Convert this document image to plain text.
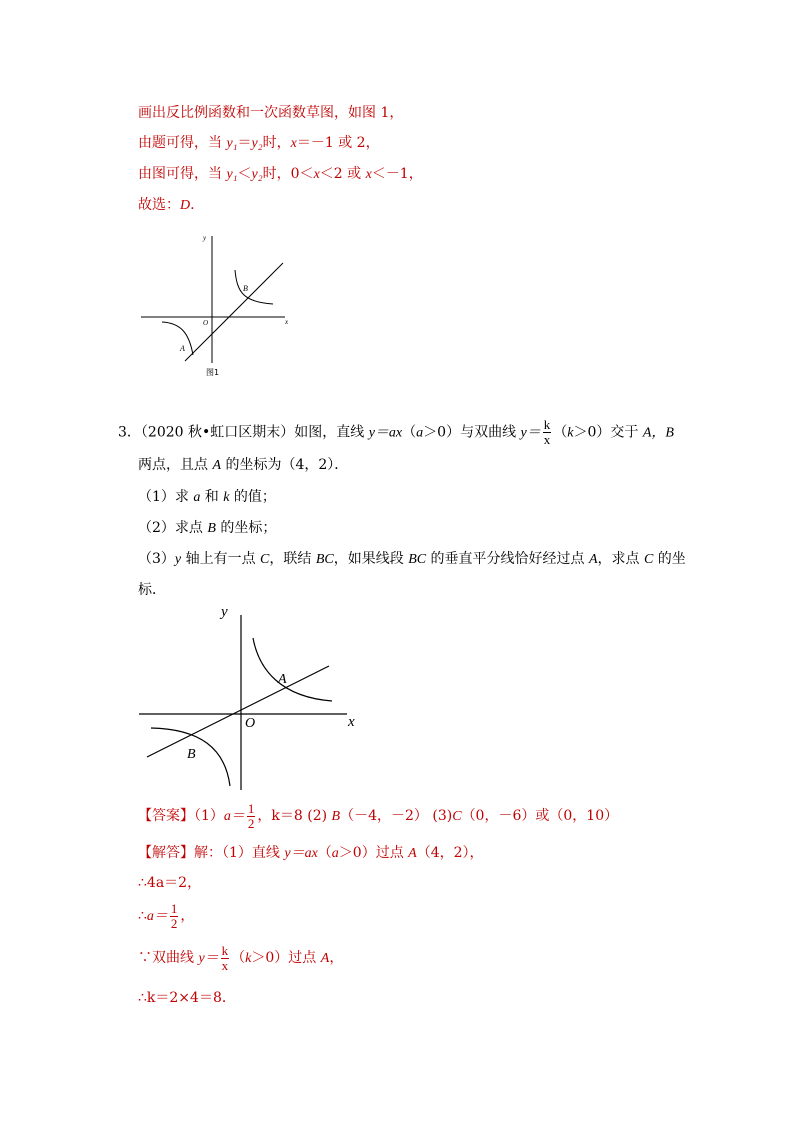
画出反比例函数和一次函数草图，如图 1，
由题可得，当 y₁＝y₂时，x＝－1 或 2，
由图可得，当 y₁＜y₂时，0＜x＜2 或 x＜－1，
故选：D.
y
x
O
A
B
图1
3．（2020 秋•虹口区期末）如图，直线 y＝ax（a＞0）与双曲线 $y= \frac{k}{x} (k>0)$交于 A，B
两点，且点 A 的坐标为（4，2）．
（1）求 a 和 k 的值；
（2）求点 B 的坐标；
（3）y 轴上有一点 C，联结 BC，如果线段 BC 的垂直平分线恰好经过点 A，求点 C 的坐
标．
y
x
O
A
B
【答案】$(1)a= \frac{1}{2}$ ，k＝8 (2) B（－4，－2） (3)C（0，－6）或（0，10）
【解答】解：（1）直线 y＝ax（a＞0）过点 A（4，2），
∴4a＝2，
∴a＝ $\frac{1}{2}$ ，
∵双曲线 $y= \frac{k}{x} (k>0)$过点 A，
∴k＝2×4＝8．
